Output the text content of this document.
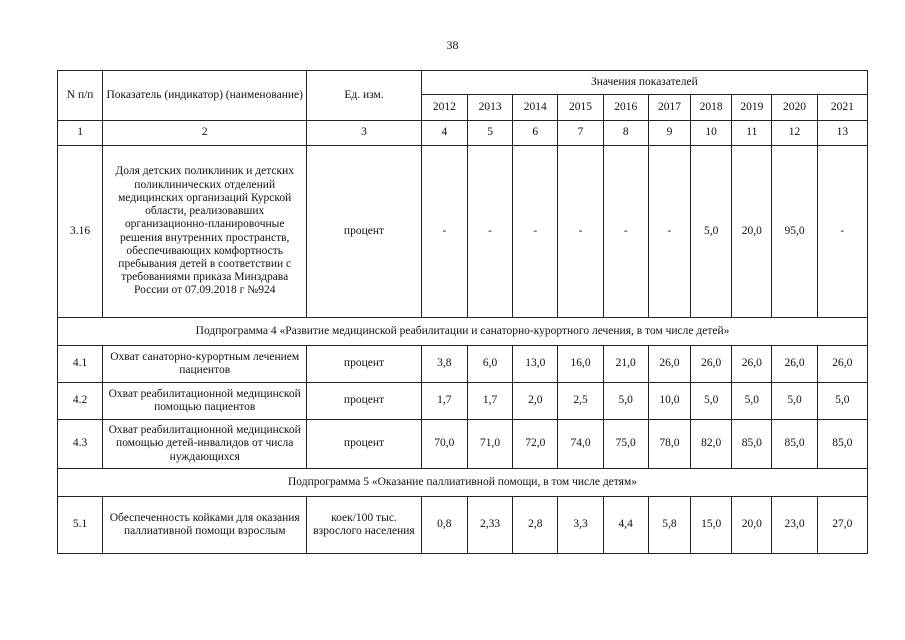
38
N п/п	Показатель (индикатор) (наименование)	Ед. изм.	Значения показателей									
			2012	2013	2014	2015	2016	2017	2018	2019	2020	2021
1	2	3	4	5	6	7	8	9	10	11	12	13
3.16	Доля детских поликлиник и детских поликлинических отделений медицинских организаций Курской области, реализовавших организационно-планировочные решения внутренних пространств, обеспечивающих комфортность пребывания детей в соответствии с требованиями приказа Минздрава России от 07.09.2018 г №924	процент	-	-	-	-	-	-	5,0	20,0	95,0	-
Подпрограмма 4 «Развитие медицинской реабилитации и санаторно-курортного лечения, в том числе детей»												
4.1	Охват санаторно-курортным лечением пациентов	процент	3,8	6,0	13,0	16,0	21,0	26,0	26,0	26,0	26,0	26,0
4.2	Охват реабилитационной медицинской помощью пациентов	процент	1,7	1,7	2,0	2,5	5,0	10,0	5,0	5,0	5,0	5,0
4.3	Охват реабилитационной медицинской помощью детей-инвалидов от числа нуждающихся	процент	70,0	71,0	72,0	74,0	75,0	78,0	82,0	85,0	85,0	85,0
Подпрограмма 5 «Оказание паллиативной помощи, в том числе детям»												
5.1	Обеспеченность койками для оказания паллиативной помощи взрослым	коек/100 тыс. взрослого населения	0,8	2,33	2,8	3,3	4,4	5,8	15,0	20,0	23,0	27,0
